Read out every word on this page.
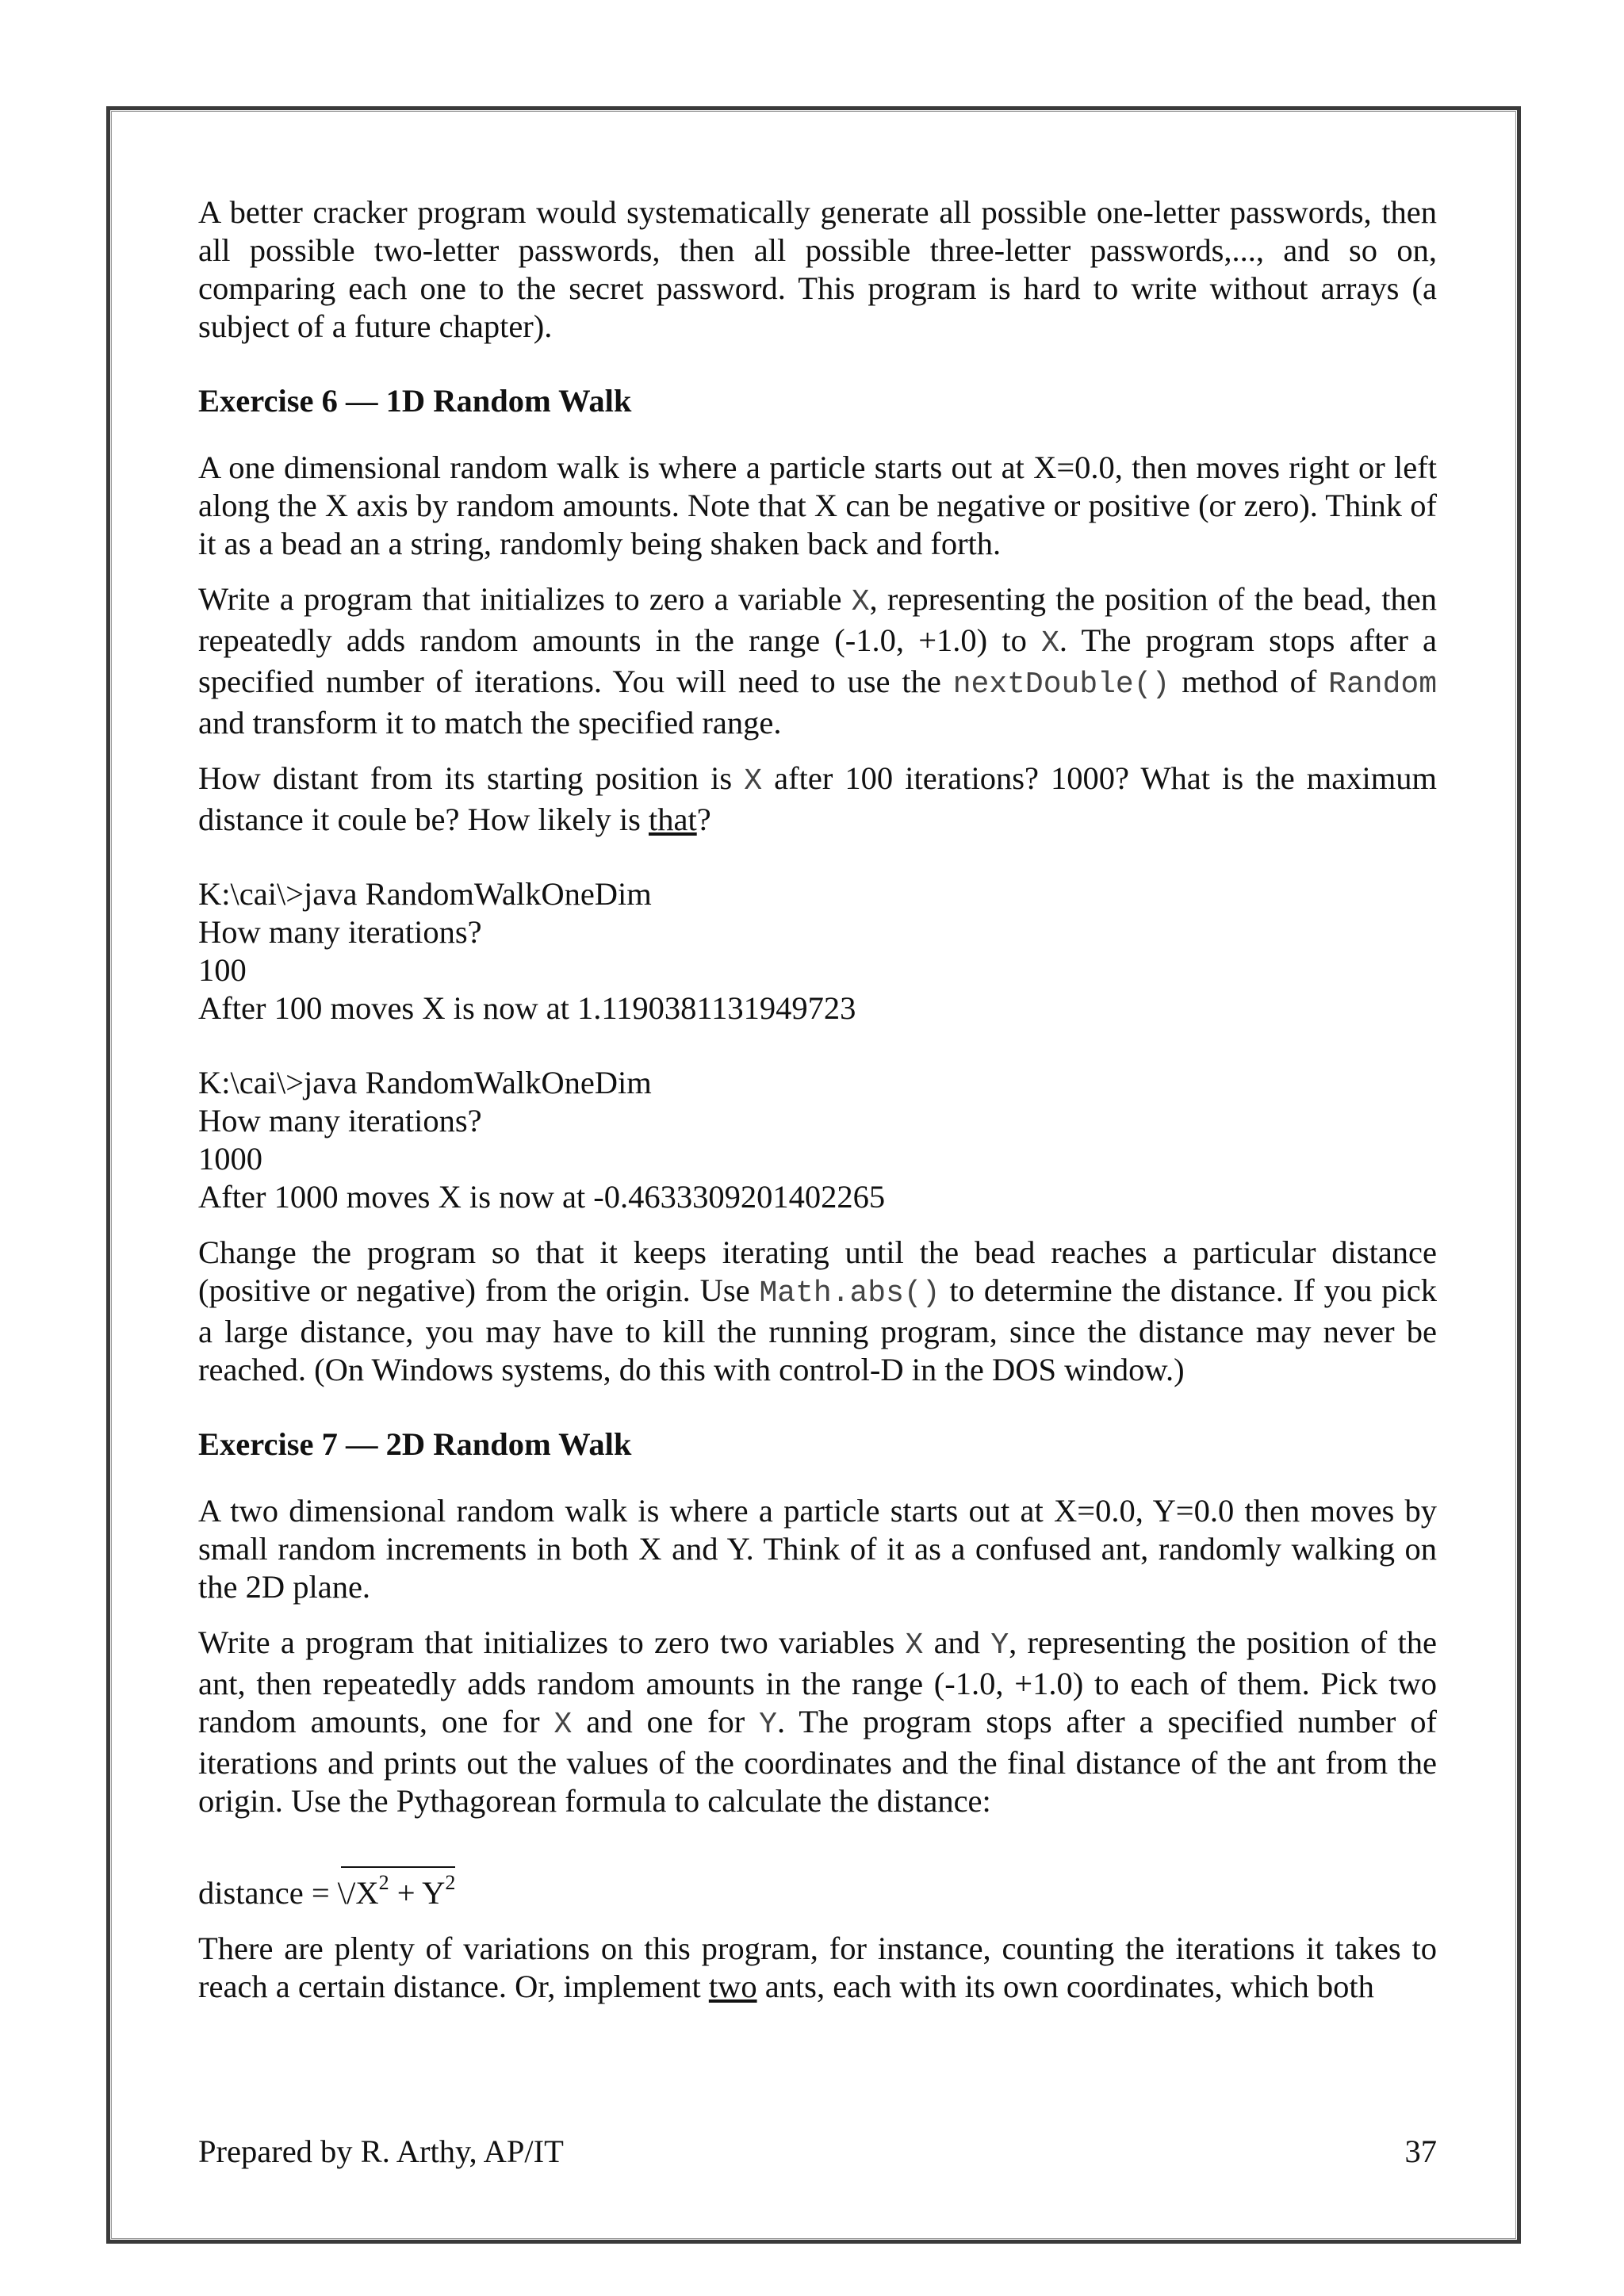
A better cracker program would systematically generate all possible one-letter passwords, then all possible two-letter passwords, then all possible three-letter passwords,..., and so on, comparing each one to the secret password. This program is hard to write without arrays (a subject of a future chapter).

Exercise 6 — 1D Random Walk

A one dimensional random walk is where a particle starts out at X=0.0, then moves right or left along the X axis by random amounts. Note that X can be negative or positive (or zero). Think of it as a bead an a string, randomly being shaken back and forth.

Write a program that initializes to zero a variable X, representing the position of the bead, then repeatedly adds random amounts in the range (-1.0, +1.0) to X. The program stops after a specified number of iterations. You will need to use the nextDouble() method of Random and transform it to match the specified range.

How distant from its starting position is X after 100 iterations? 1000? What is the maximum distance it coule be? How likely is that?

K:\cai\>java RandomWalkOneDim

How many iterations?

100

After 100 moves X is now at 1.1190381131949723

K:\cai\>java RandomWalkOneDim

How many iterations?

1000

After 1000 moves X is now at -0.4633309201402265

Change the program so that it keeps iterating until the bead reaches a particular distance (positive or negative) from the origin. Use Math.abs() to determine the distance. If you pick a large distance, you may have to kill the running program, since the distance may never be reached. (On Windows systems, do this with control-D in the DOS window.)

Exercise 7 — 2D Random Walk

A two dimensional random walk is where a particle starts out at X=0.0, Y=0.0 then moves by small random increments in both X and Y. Think of it as a confused ant, randomly walking on the 2D plane.

Write a program that initializes to zero two variables X and Y, representing the position of the ant, then repeatedly adds random amounts in the range (-1.0, +1.0) to each of them. Pick two random amounts, one for X and one for Y. The program stops after a specified number of iterations and prints out the values of the coordinates and the final distance of the ant from the origin. Use the Pythagorean formula to calculate the distance:

distance =
$\backslash/X^2 + Y^2$

There are plenty of variations on this program, for instance, counting the iterations it takes to reach a certain distance. Or, implement two ants, each with its own coordinates, which both

Prepared by R. Arthy, AP/IT	37
